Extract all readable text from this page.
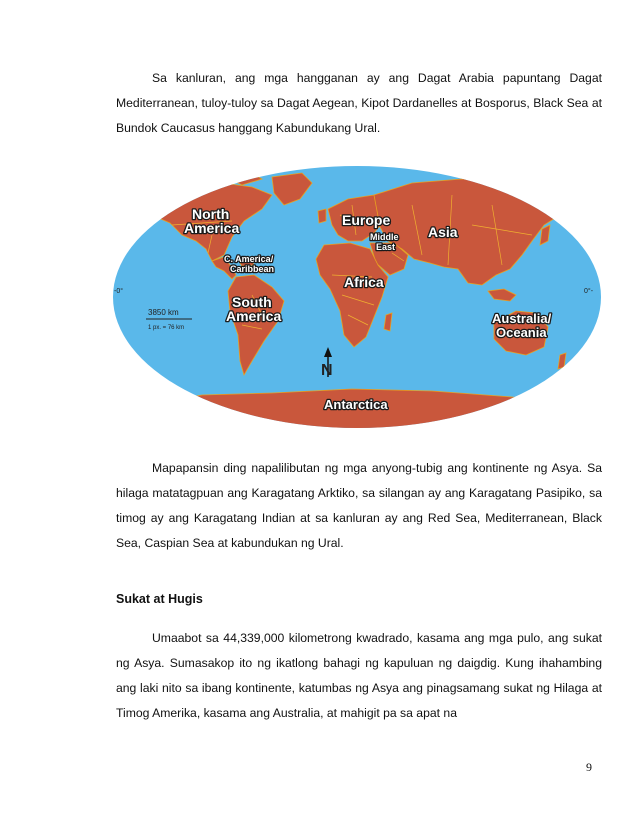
Sa kanluran, ang mga hangganan ay ang Dagat Arabia papuntang Dagat Mediterranean, tuloy-tuloy sa Dagat Aegean, Kipot Dardanelles at Bosporus, Black Sea at Bundok Caucasus hanggang Kabundukang Ural.

-0°	0°-
3850 km
1 px. = 76 km
N
North
America
C. America/
Caribbean
South
America
Europe
Middle
East
Asia
Africa
Australia/
Oceania
Antarctica

Mapapansin ding napalilibutan ng mga anyong-tubig ang kontinente ng Asya. Sa hilaga matatagpuan ang Karagatang Arktiko, sa silangan ay ang Karagatang Pasipiko, sa timog ay ang Karagatang Indian at sa kanluran ay ang Red Sea, Mediterranean, Black Sea, Caspian Sea at kabundukan ng Ural.

Sukat at Hugis

Umaabot sa 44,339,000 kilometrong kwadrado, kasama ang mga pulo, ang sukat ng Asya. Sumasakop ito ng ikatlong bahagi ng kapuluan ng daigdig. Kung ihahambing ang laki nito sa ibang kontinente, katumbas ng Asya ang pinagsamang sukat ng Hilaga at Timog Amerika, kasama ang Australia, at mahigit pa sa apat na

9
